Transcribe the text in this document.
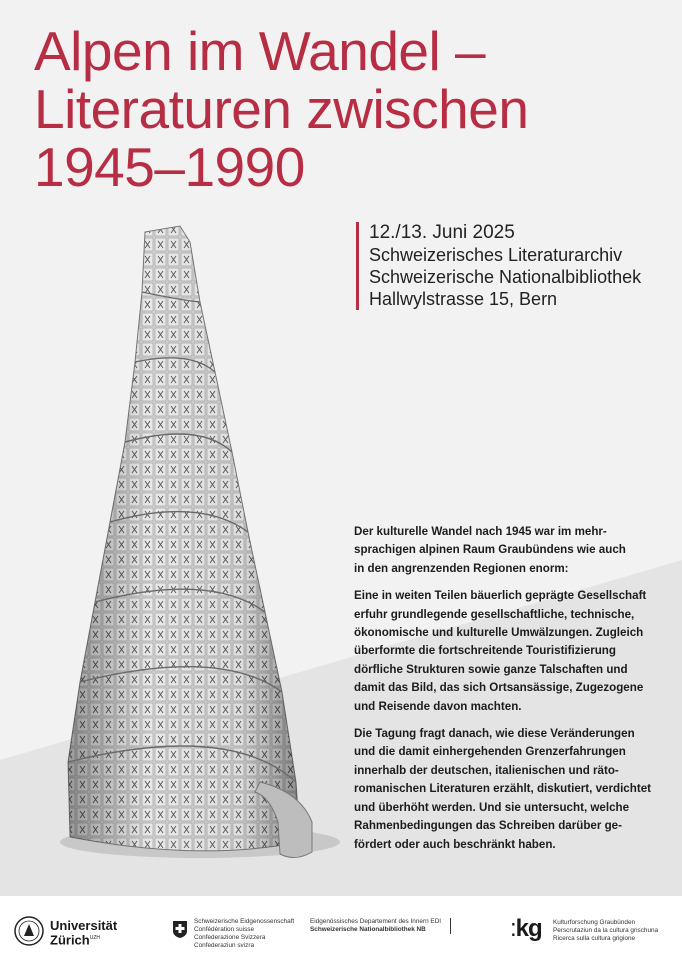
Alpen im Wandel –
Literaturen zwischen
1945–1990
12./13. Juni 2025
Schweizerisches Literaturarchiv
Schweizerische Nationalbibliothek
Hallwylstrasse 15, Bern

Der kulturelle Wandel nach 1945 war im mehr-
sprachigen alpinen Raum Graubündens wie auch
in den angrenzenden Regionen enorm:

Eine in weiten Teilen bäuerlich geprägte Gesellschaft
erfuhr grundlegende gesellschaftliche, technische,
ökonomische und kulturelle Umwälzungen. Zugleich
überformte die fortschreitende Touristifizierung
dörfliche Strukturen sowie ganze Talschaften und
damit das Bild, das sich Ortsansässige, Zugezogene
und Reisende davon machten.

Die Tagung fragt danach, wie diese Veränderungen
und die damit einhergehenden Grenzerfahrungen
innerhalb der deutschen, italienischen und räto-
romanischen Literaturen erzählt, diskutiert, verdichtet
und überhöht werden. Und sie untersucht, welche
Rahmenbedingungen das Schreiben darüber ge-
fördert oder auch beschränkt haben.

Universität
Zürich$^{UZH}$
Schweizerische Eidgenossenschaft
Confédération suisse
Confederazione Svizzera
Confederaziun svizra
Eidgenössisches Departement des Innern EDI
Schweizerische Nationalbibliothek NB	:kg Kulturforschung Graubünden
Perscrutaziun da la cultura grischuna
Ricerca sulla cultura grigione
